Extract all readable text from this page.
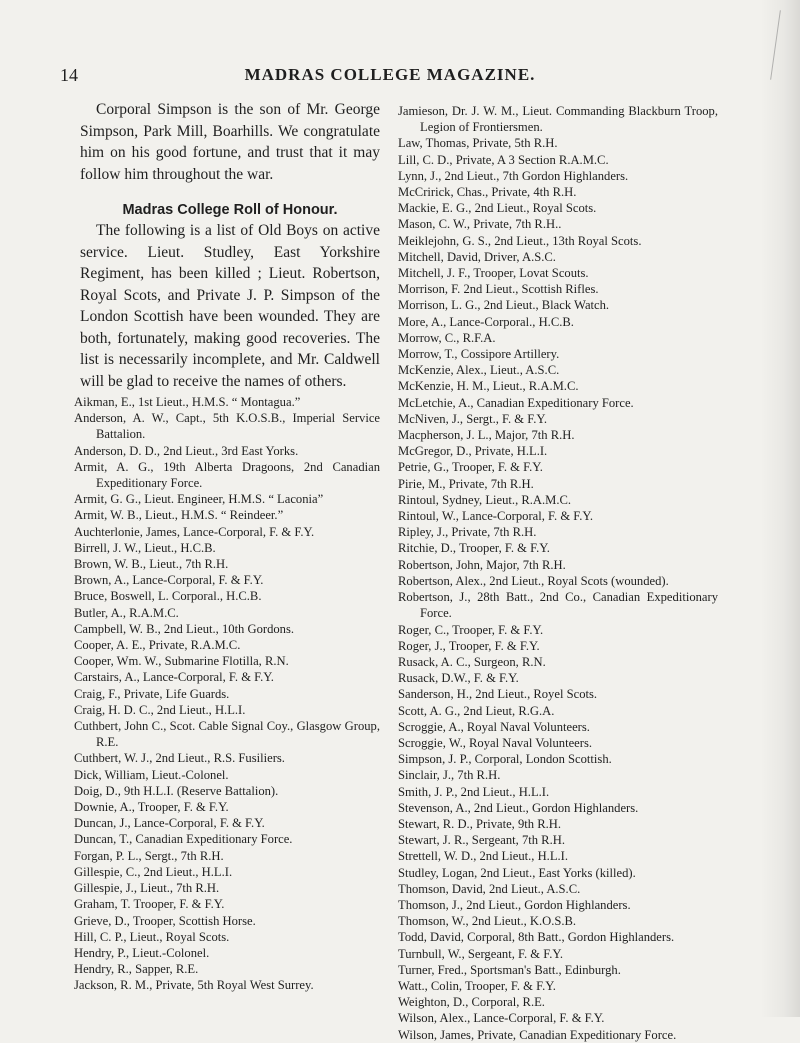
14	MADRAS COLLEGE MAGAZINE.

Corporal Simpson is the son of Mr. George Simpson, Park Mill, Boarhills. We congratulate him on his good fortune, and trust that it may follow him throughout the war.

Madras College Roll of Honour.

The following is a list of Old Boys on active service. Lieut. Studley, East Yorkshire Regiment, has been killed ; Lieut. Robertson, Royal Scots, and Private J. P. Simpson of the London Scottish have been wounded. They are both, fortunately, making good recoveries. The list is necessarily incomplete, and Mr. Caldwell will be glad to receive the names of others.

Aikman, E., 1st Lieut., H.M.S. “ Montagua.”
Anderson, A. W., Capt., 5th K.O.S.B., Imperial Service Battalion.
Anderson, D. D., 2nd Lieut., 3rd East Yorks.
Armit, A. G., 19th Alberta Dragoons, 2nd Canadian Expeditionary Force.
Armit, G. G., Lieut. Engineer, H.M.S. “ Laconia”
Armit, W. B., Lieut., H.M.S. “ Reindeer.”
Auchterlonie, James, Lance-Corporal, F. & F.Y.
Birrell, J. W., Lieut., H.C.B.
Brown, W. B., Lieut., 7th R.H.
Brown, A., Lance-Corporal, F. & F.Y.
Bruce, Boswell, L. Corporal., H.C.B.
Butler, A., R.A.M.C.
Campbell, W. B., 2nd Lieut., 10th Gordons.
Cooper, A. E., Private, R.A.M.C.
Cooper, Wm. W., Submarine Flotilla, R.N.
Carstairs, A., Lance-Corporal, F. & F.Y.
Craig, F., Private, Life Guards.
Craig, H. D. C., 2nd Lieut., H.L.I.
Cuthbert, John C., Scot. Cable Signal Coy., Glasgow Group, R.E.
Cuthbert, W. J., 2nd Lieut., R.S. Fusiliers.
Dick, William, Lieut.-Colonel.
Doig, D., 9th H.L.I. (Reserve Battalion).
Downie, A., Trooper, F. & F.Y.
Duncan, J., Lance-Corporal, F. & F.Y.
Duncan, T., Canadian Expeditionary Force.
Forgan, P. L., Sergt., 7th R.H.
Gillespie, C., 2nd Lieut., H.L.I.
Gillespie, J., Lieut., 7th R.H.
Graham, T. Trooper, F. & F.Y.
Grieve, D., Trooper, Scottish Horse.
Hill, C. P., Lieut., Royal Scots.
Hendry, P., Lieut.-Colonel.
Hendry, R., Sapper, R.E.
Jackson, R. M., Private, 5th Royal West Surrey.
Jamieson, Dr. J. W. M., Lieut. Commanding Blackburn Troop, Legion of Frontiersmen.
Law, Thomas, Private, 5th R.H.
Lill, C. D., Private, A 3 Section R.A.M.C.
Lynn, J., 2nd Lieut., 7th Gordon Highlanders.
McCririck, Chas., Private, 4th R.H.
Mackie, E. G., 2nd Lieut., Royal Scots.
Mason, C. W., Private, 7th R.H..
Meiklejohn, G. S., 2nd Lieut., 13th Royal Scots.
Mitchell, David, Driver, A.S.C.
Mitchell, J. F., Trooper, Lovat Scouts.
Morrison, F. 2nd Lieut., Scottish Rifles.
Morrison, L. G., 2nd Lieut., Black Watch.
More, A., Lance-Corporal., H.C.B.
Morrow, C., R.F.A.
Morrow, T., Cossipore Artillery.
McKenzie, Alex., Lieut., A.S.C.
McKenzie, H. M., Lieut., R.A.M.C.
McLetchie, A., Canadian Expeditionary Force.
McNiven, J., Sergt., F. & F.Y.
Macpherson, J. L., Major, 7th R.H.
McGregor, D., Private, H.L.I.
Petrie, G., Trooper, F. & F.Y.
Pirie, M., Private, 7th R.H.
Rintoul, Sydney, Lieut., R.A.M.C.
Rintoul, W., Lance-Corporal, F. & F.Y.
Ripley, J., Private, 7th R.H.
Ritchie, D., Trooper, F. & F.Y.
Robertson, John, Major, 7th R.H.
Robertson, Alex., 2nd Lieut., Royal Scots (wounded).
Robertson, J., 28th Batt., 2nd Co., Canadian Expeditionary Force.
Roger, C., Trooper, F. & F.Y.
Roger, J., Trooper, F. & F.Y.
Rusack, A. C., Surgeon, R.N.
Rusack, D.W., F. & F.Y.
Sanderson, H., 2nd Lieut., Royel Scots.
Scott, A. G., 2nd Lieut, R.G.A.
Scroggie, A., Royal Naval Volunteers.
Scroggie, W., Royal Naval Volunteers.
Simpson, J. P., Corporal, London Scottish.
Sinclair, J., 7th R.H.
Smith, J. P., 2nd Lieut., H.L.I.
Stevenson, A., 2nd Lieut., Gordon Highlanders.
Stewart, R. D., Private, 9th R.H.
Stewart, J. R., Sergeant, 7th R.H.
Strettell, W. D., 2nd Lieut., H.L.I.
Studley, Logan, 2nd Lieut., East Yorks (killed).
Thomson, David, 2nd Lieut., A.S.C.
Thomson, J., 2nd Lieut., Gordon Highlanders.
Thomson, W., 2nd Lieut., K.O.S.B.
Todd, David, Corporal, 8th Batt., Gordon Highlanders.
Turnbull, W., Sergeant, F. & F.Y.
Turner, Fred., Sportsman's Batt., Edinburgh.
Watt., Colin, Trooper, F. & F.Y.
Weighton, D., Corporal, R.E.
Wilson, Alex., Lance-Corporal, F. & F.Y.
Wilson, James, Private, Canadian Expeditionary Force.
